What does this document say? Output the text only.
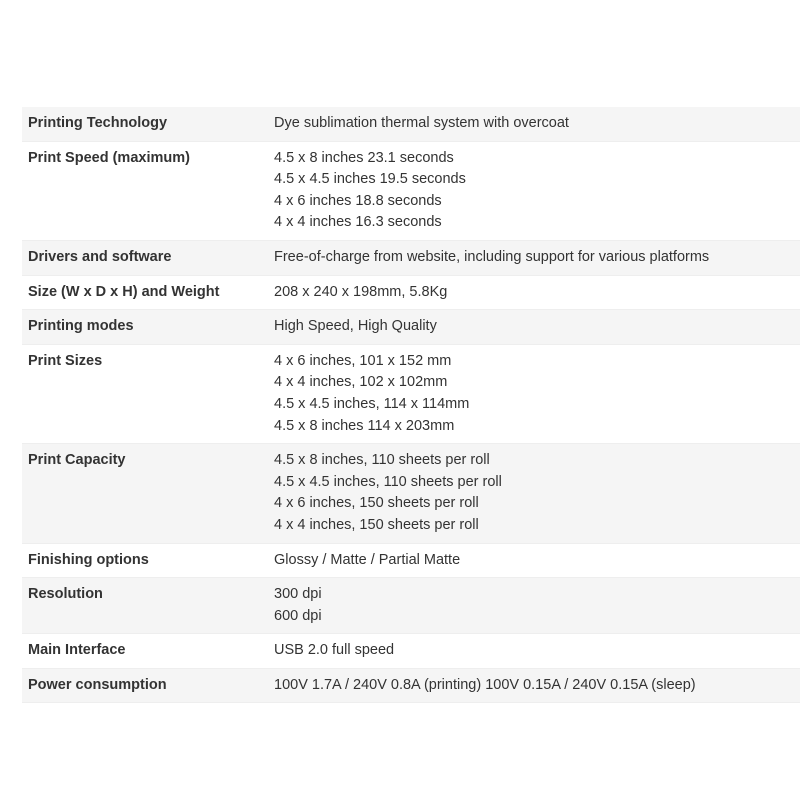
Printing Technology	Dye sublimation thermal system with overcoat
Print Speed (maximum)	4.5 x 8 inches 23.1 seconds
4.5 x 4.5 inches 19.5 seconds
4 x 6 inches 18.8 seconds
4 x 4 inches 16.3 seconds
Drivers and software	Free-of-charge from website, including support for various platforms
Size (W x D x H) and Weight	208 x 240 x 198mm, 5.8Kg
Printing modes	High Speed, High Quality
Print Sizes	4 x 6 inches, 101 x 152 mm
4 x 4 inches, 102 x 102mm
4.5 x 4.5 inches, 114 x 114mm
4.5 x 8 inches 114 x 203mm
Print Capacity	4.5 x 8 inches, 110 sheets per roll
4.5 x 4.5 inches, 110 sheets per roll
4 x 6 inches, 150 sheets per roll
4 x 4 inches, 150 sheets per roll
Finishing options	Glossy / Matte / Partial Matte
Resolution	300 dpi
600 dpi
Main Interface	USB 2.0 full speed
Power consumption	100V 1.7A / 240V 0.8A (printing) 100V 0.15A / 240V 0.15A (sleep)
